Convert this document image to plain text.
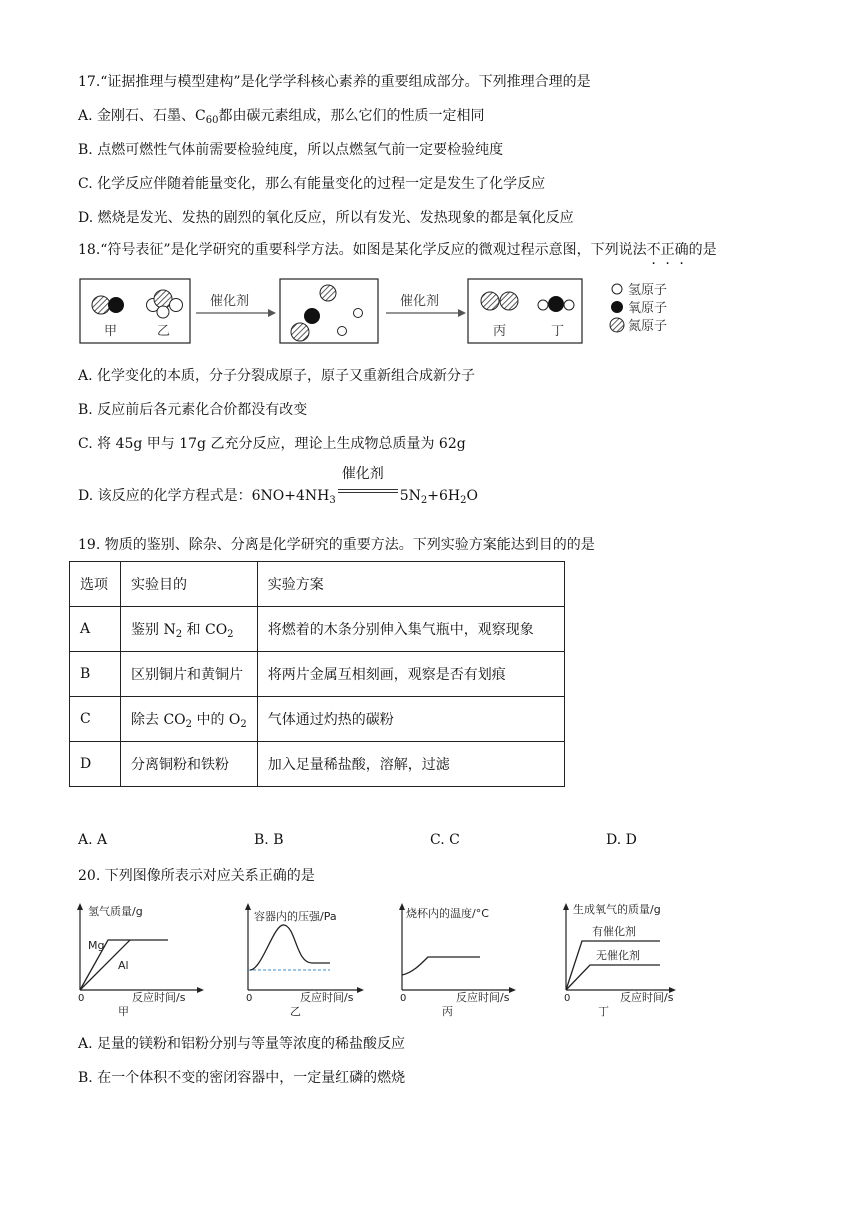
17.“证据推理与模型建构”是化学学科核心素养的重要组成部分。下列推理合理的是
A. 金刚石、石墨、$C_{60}$都由碳元素组成，那么它们的性质一定相同
B. 点燃可燃性气体前需要检验纯度，所以点燃氢气前一定要检验纯度
C. 化学反应伴随着能量变化，那么有能量变化的过程一定是发生了化学反应
D. 燃烧是发光、发热的剧烈的氧化反应，所以有发光、发热现象的都是氧化反应
18.“符号表征”是化学研究的重要科学方法。如图是某化学反应的微观过程示意图，下列说法不正确的是
甲	乙
催化剂	催化剂
丙	丁
氢原子
氧原子
氮原子
A. 化学变化的本质，分子分裂成原子，原子又重新组合成新分子
B. 反应前后各元素化合价都没有改变
C. 将 45g 甲与 17g 乙充分反应，理论上生成物总质量为 62g
D. 该反应的化学方程式是：$6NO+4NH_3$
催化剂
$5N_2+6H_2O$
19. 物质的鉴别、除杂、分离是化学研究的重要方法。下列实验方案能达到目的的是
选项	实验目的	实验方案
A	鉴别 $N_2$ 和 $CO_2$	将燃着的木条分别伸入集气瓶中，观察现象
B	区别铜片和黄铜片	将两片金属互相刻画，观察是否有划痕
C	除去 $CO_2$ 中的 $O_2$	气体通过灼热的碳粉
D	分离铜粉和铁粉	加入足量稀盐酸，溶解，过滤
A. A	B. B	C. C	D. D
20. 下列图像所表示对应关系正确的是
氢气质量/g
Mg
Al
0	反应时间/s
甲
容器内的压强/Pa
0	反应时间/s
乙
烧杯内的温度/°C
0	反应时间/s
丙
生成氧气的质量/g
有催化剂
无催化剂
0	反应时间/s
丁
A. 足量的镁粉和铝粉分别与等量等浓度的稀盐酸反应
B. 在一个体积不变的密闭容器中，一定量红磷的燃烧
